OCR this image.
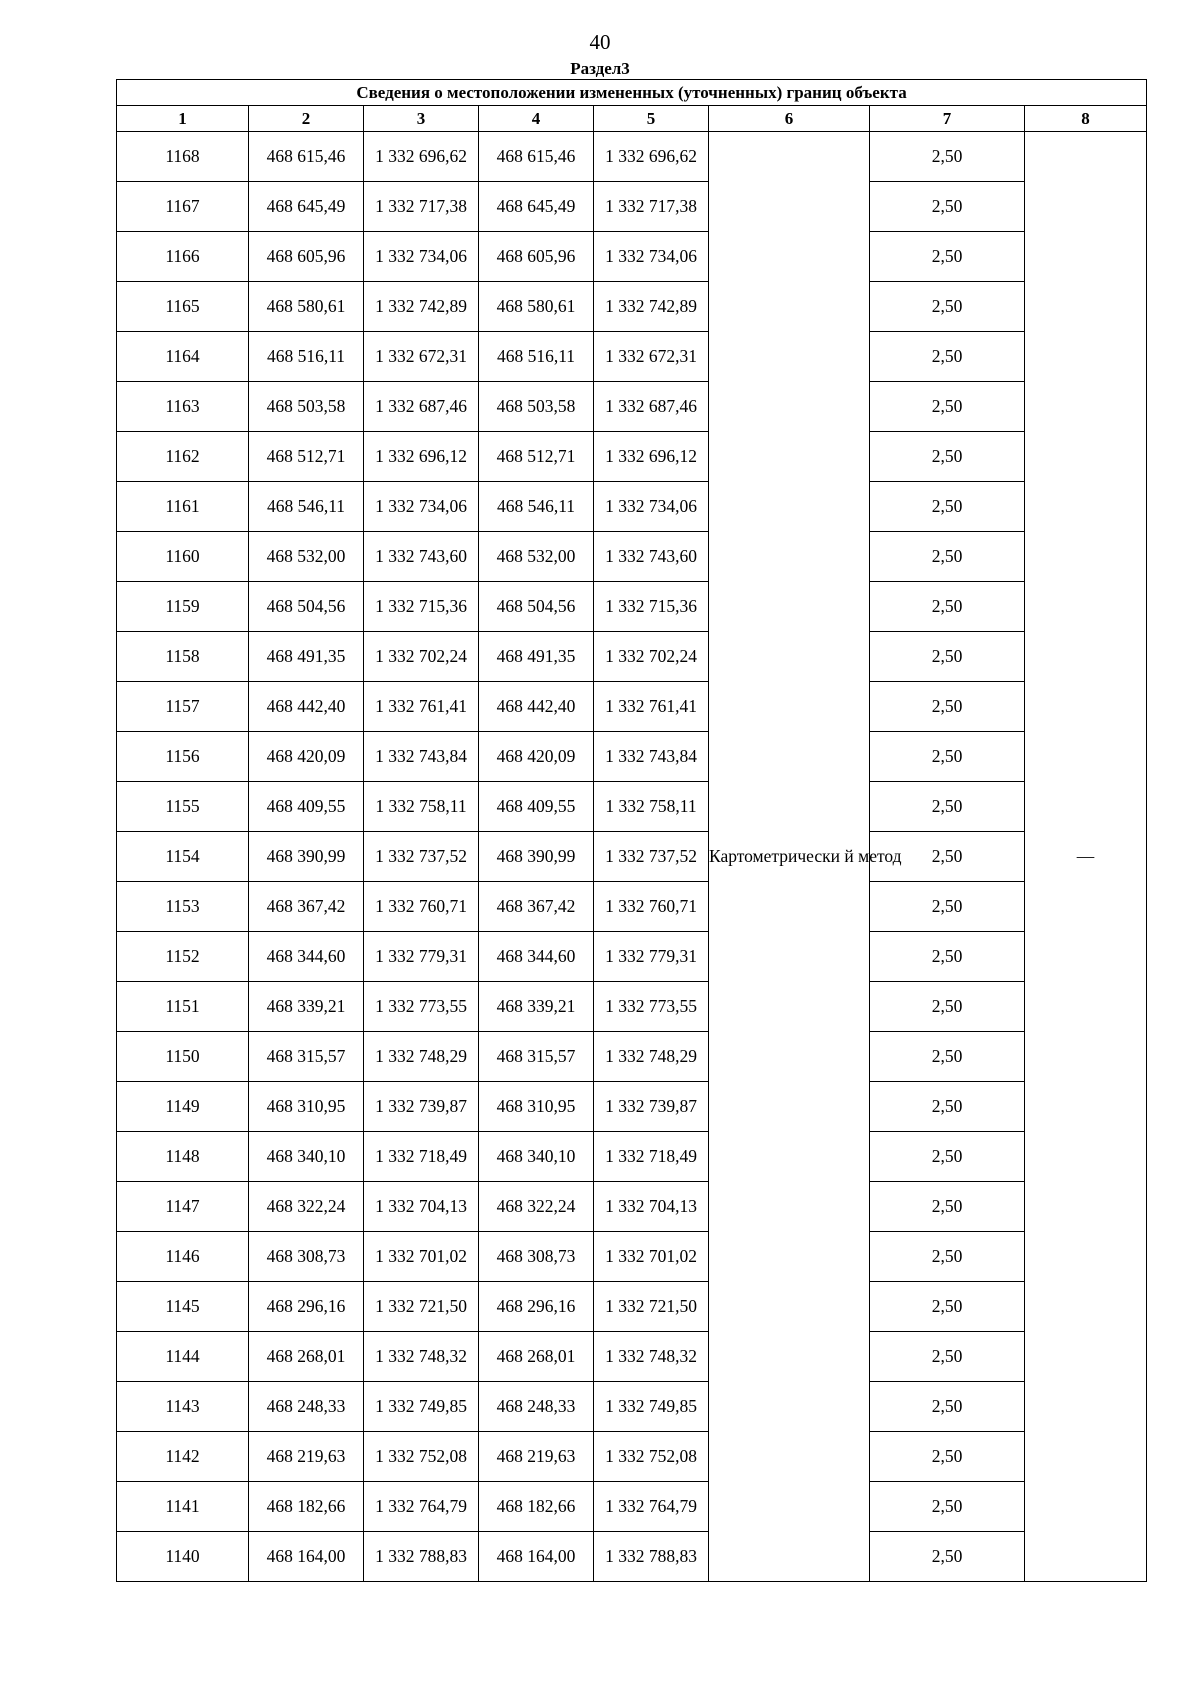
40
Раздел3
Сведения о местоположении измененных (уточненных) границ объекта							
1	2	3	4	5	6	7	8
1168	468 615,46	1 332 696,62	468 615,46	1 332 696,62	Картометрически й метод	2,50	—
1167	468 645,49	1 332 717,38	468 645,49	1 332 717,38		2,50	
1166	468 605,96	1 332 734,06	468 605,96	1 332 734,06		2,50	
1165	468 580,61	1 332 742,89	468 580,61	1 332 742,89		2,50	
1164	468 516,11	1 332 672,31	468 516,11	1 332 672,31		2,50	
1163	468 503,58	1 332 687,46	468 503,58	1 332 687,46		2,50	
1162	468 512,71	1 332 696,12	468 512,71	1 332 696,12		2,50	
1161	468 546,11	1 332 734,06	468 546,11	1 332 734,06		2,50	
1160	468 532,00	1 332 743,60	468 532,00	1 332 743,60		2,50	
1159	468 504,56	1 332 715,36	468 504,56	1 332 715,36		2,50	
1158	468 491,35	1 332 702,24	468 491,35	1 332 702,24		2,50	
1157	468 442,40	1 332 761,41	468 442,40	1 332 761,41		2,50	
1156	468 420,09	1 332 743,84	468 420,09	1 332 743,84		2,50	
1155	468 409,55	1 332 758,11	468 409,55	1 332 758,11		2,50	
1154	468 390,99	1 332 737,52	468 390,99	1 332 737,52		2,50	
1153	468 367,42	1 332 760,71	468 367,42	1 332 760,71		2,50	
1152	468 344,60	1 332 779,31	468 344,60	1 332 779,31		2,50	
1151	468 339,21	1 332 773,55	468 339,21	1 332 773,55		2,50	
1150	468 315,57	1 332 748,29	468 315,57	1 332 748,29		2,50	
1149	468 310,95	1 332 739,87	468 310,95	1 332 739,87		2,50	
1148	468 340,10	1 332 718,49	468 340,10	1 332 718,49		2,50	
1147	468 322,24	1 332 704,13	468 322,24	1 332 704,13		2,50	
1146	468 308,73	1 332 701,02	468 308,73	1 332 701,02		2,50	
1145	468 296,16	1 332 721,50	468 296,16	1 332 721,50		2,50	
1144	468 268,01	1 332 748,32	468 268,01	1 332 748,32		2,50	
1143	468 248,33	1 332 749,85	468 248,33	1 332 749,85		2,50	
1142	468 219,63	1 332 752,08	468 219,63	1 332 752,08		2,50	
1141	468 182,66	1 332 764,79	468 182,66	1 332 764,79		2,50	
1140	468 164,00	1 332 788,83	468 164,00	1 332 788,83		2,50	
